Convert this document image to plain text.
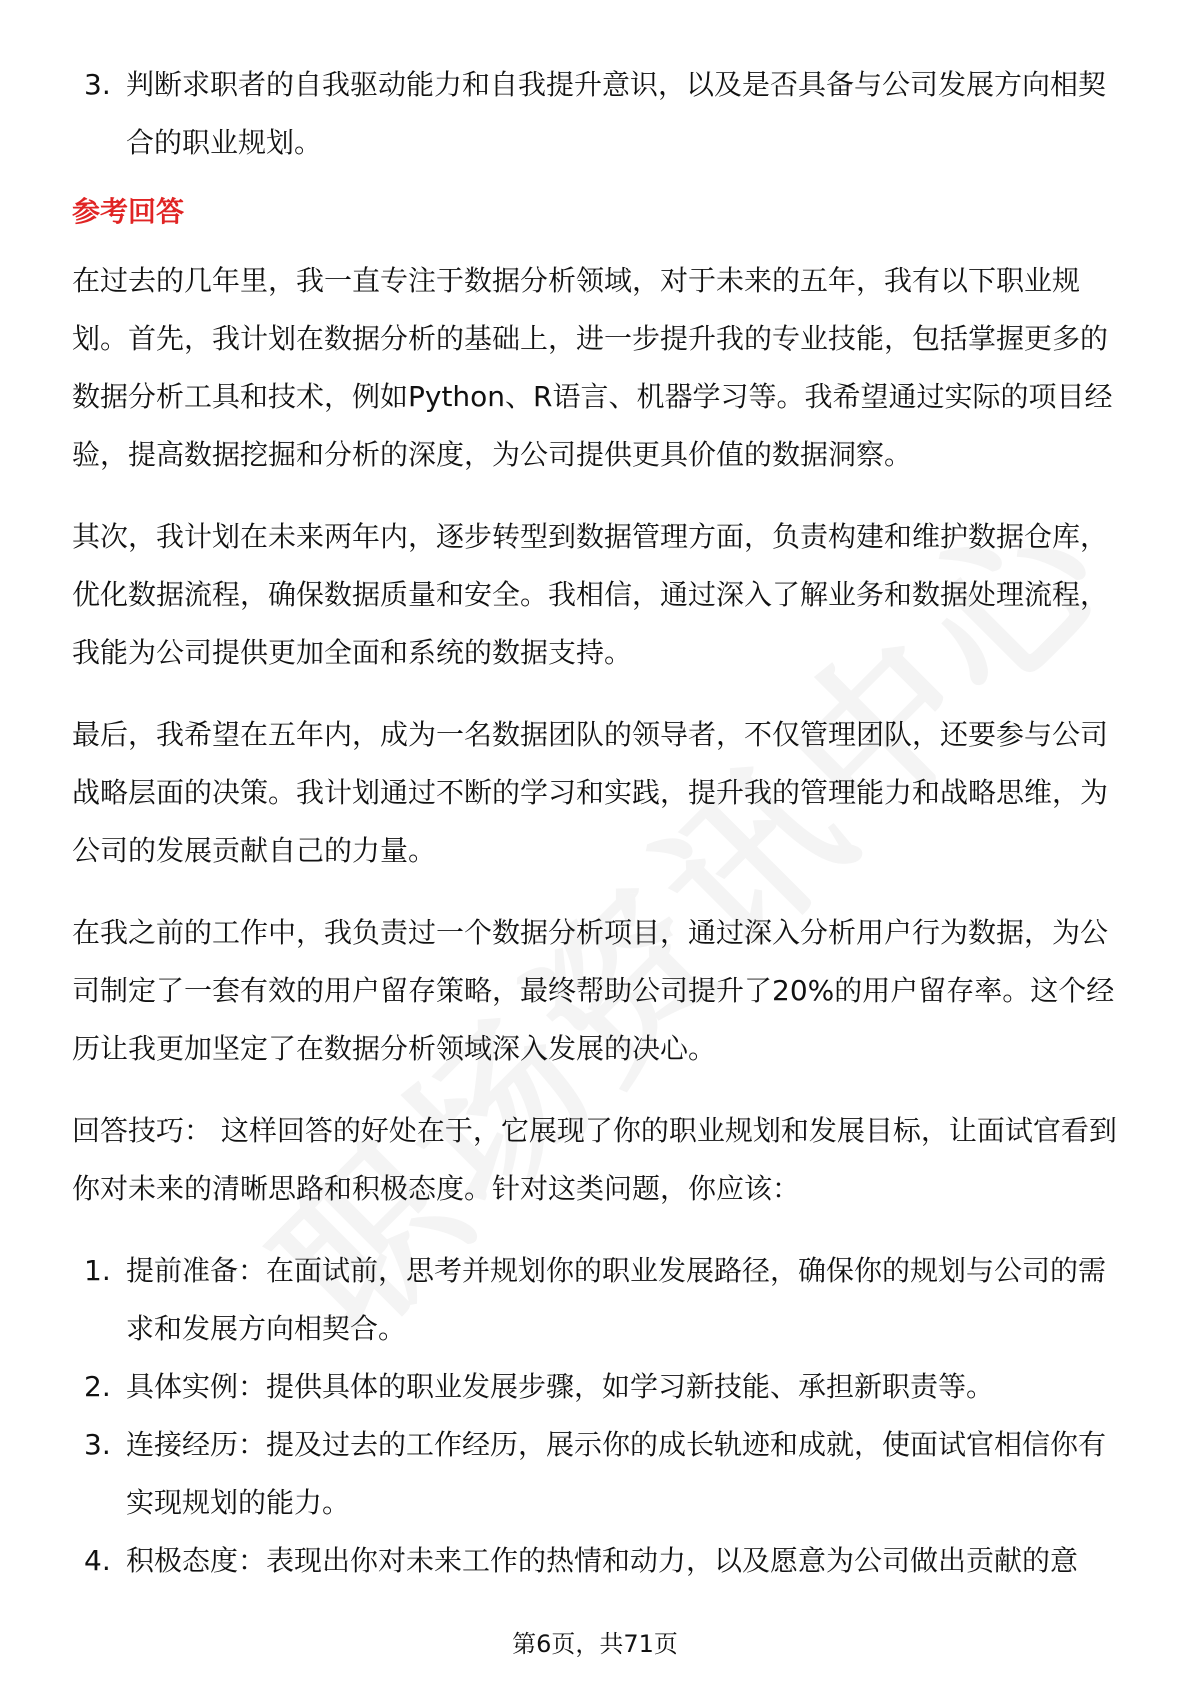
3. 判断求职者的自我驱动能力和自我提升意识，以及是否具备与公司发展方向相契合的职业规划。
参考回答

在过去的几年里，我一直专注于数据分析领域，对于未来的五年，我有以下职业规划。首先，我计划在数据分析的基础上，进一步提升我的专业技能，包括掌握更多的数据分析工具和技术，例如Python、R语言、机器学习等。我希望通过实际的项目经验，提高数据挖掘和分析的深度，为公司提供更具价值的数据洞察。

其次，我计划在未来两年内，逐步转型到数据管理方面，负责构建和维护数据仓库，优化数据流程，确保数据质量和安全。我相信，通过深入了解业务和数据处理流程，我能为公司提供更加全面和系统的数据支持。

最后，我希望在五年内，成为一名数据团队的领导者，不仅管理团队，还要参与公司战略层面的决策。我计划通过不断的学习和实践，提升我的管理能力和战略思维，为公司的发展贡献自己的力量。

在我之前的工作中，我负责过一个数据分析项目，通过深入分析用户行为数据，为公司制定了一套有效的用户留存策略，最终帮助公司提升了20%的用户留存率。这个经历让我更加坚定了在数据分析领域深入发展的决心。

回答技巧： 这样回答的好处在于，它展现了你的职业规划和发展目标，让面试官看到你对未来的清晰思路和积极态度。针对这类问题，你应该：

1. 提前准备：在面试前，思考并规划你的职业发展路径，确保你的规划与公司的需求和发展方向相契合。
2. 具体实例：提供具体的职业发展步骤，如学习新技能、承担新职责等。
3. 连接经历：提及过去的工作经历，展示你的成长轨迹和成就，使面试官相信你有实现规划的能力。
4. 积极态度：表现出你对未来工作的热情和动力，以及愿意为公司做出贡献的意
第6页，共71页
